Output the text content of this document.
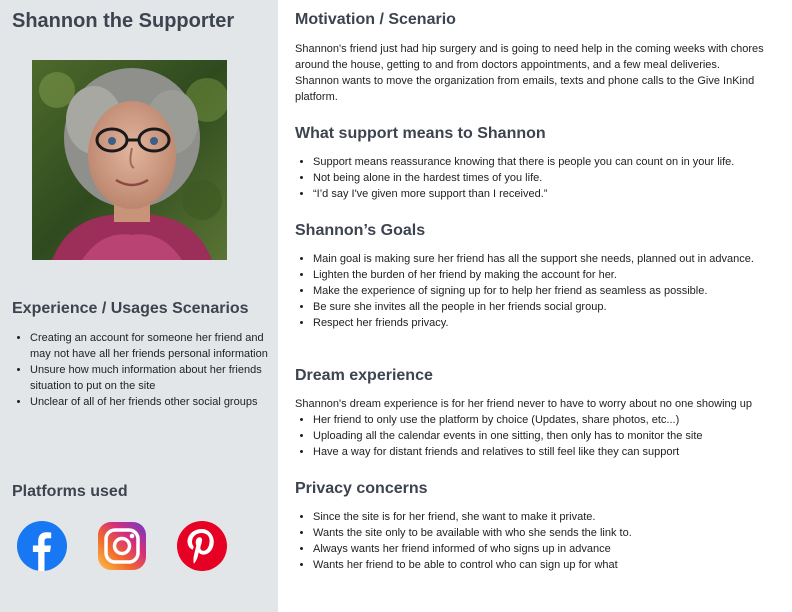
Shannon the Supporter
Experience / Usages Scenarios
• Creating an account for someone her friend and may not have all her friends personal information
• Unsure how much information about her friends situation to put on the site
• Unclear of all of her friends other social groups
Platforms used
Motivation / Scenario

Shannon's friend just had hip surgery and is going to need help in the coming weeks with chores around the house, getting to and from doctors appointments, and a few meal deliveries. Shannon wants to move the organization from emails, texts and phone calls to the Give InKind platform.

What support means to Shannon
• Support means reassurance knowing that there is people you can count on in your life.
• Not being alone in the hardest times of you life.
• “I’d say I've given more support than I received.”
Shannon’s Goals
• Main goal is making sure her friend has all the support she needs, planned out in advance.
• Lighten the burden of her friend by making the account for her.
• Make the experience of signing up for to help her friend as seamless as possible.
• Be sure she invites all the people in her friends social group.
• Respect her friends privacy.
Dream experience

Shannon's dream experience is for her friend never to have to worry about no one showing up

• Her friend to only use the platform by choice (Updates, share photos, etc...)
• Uploading all the calendar events in one sitting, then only has to monitor the site
• Have a way for distant friends and relatives to still feel like they can support
Privacy concerns
• Since the site is for her friend, she want to make it private.
• Wants the site only to be available with who she sends the link to.
• Always wants her friend informed of who signs up in advance
• Wants her friend to be able to control who can sign up for what
